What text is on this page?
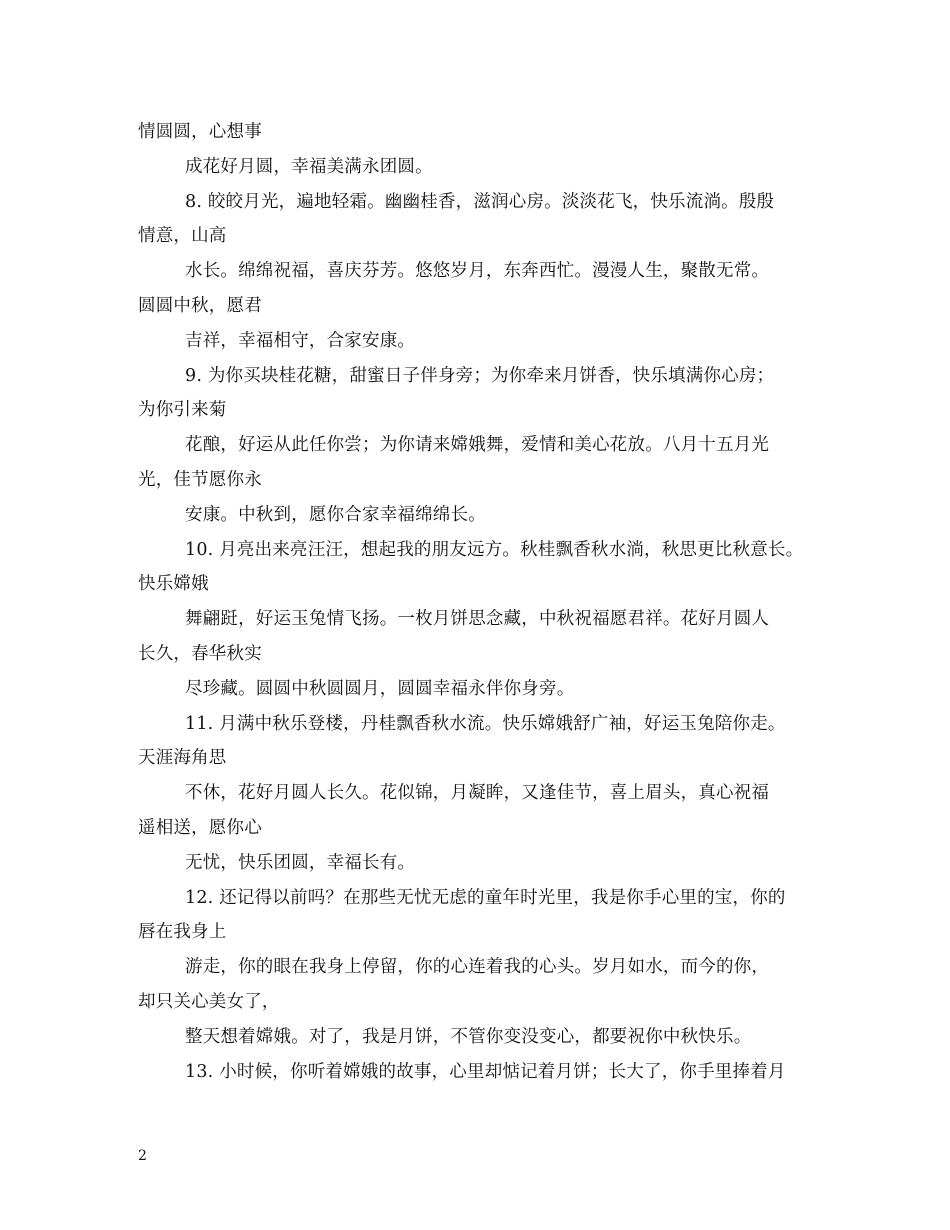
情圆圆，心想事
成花好月圆，幸福美满永团圆。
8. 皎皎月光，遍地轻霜。幽幽桂香，滋润心房。淡淡花飞，快乐流淌。殷殷
情意，山高
水长。绵绵祝福，喜庆芬芳。悠悠岁月，东奔西忙。漫漫人生，聚散无常。
圆圆中秋，愿君
吉祥，幸福相守，合家安康。
9. 为你买块桂花糖，甜蜜日子伴身旁；为你牵来月饼香，快乐填满你心房；
为你引来菊
花酿，好运从此任你尝；为你请来嫦娥舞，爱情和美心花放。八月十五月光
光，佳节愿你永
安康。中秋到，愿你合家幸福绵绵长。
10. 月亮出来亮汪汪，想起我的朋友远方。秋桂飘香秋水淌，秋思更比秋意长。
快乐嫦娥
舞翩跹，好运玉兔情飞扬。一枚月饼思念藏，中秋祝福愿君祥。花好月圆人
长久，春华秋实
尽珍藏。圆圆中秋圆圆月，圆圆幸福永伴你身旁。
11. 月满中秋乐登楼，丹桂飘香秋水流。快乐嫦娥舒广袖，好运玉兔陪你走。
天涯海角思
不休，花好月圆人长久。花似锦，月凝眸，又逢佳节，喜上眉头，真心祝福
遥相送，愿你心
无忧，快乐团圆，幸福长有。
12. 还记得以前吗？在那些无忧无虑的童年时光里，我是你手心里的宝，你的
唇在我身上
游走，你的眼在我身上停留，你的心连着我的心头。岁月如水，而今的你，
却只关心美女了，
整天想着嫦娥。对了，我是月饼，不管你变没变心，都要祝你中秋快乐。
13. 小时候，你听着嫦娥的故事，心里却惦记着月饼；长大了，你手里捧着月
2
